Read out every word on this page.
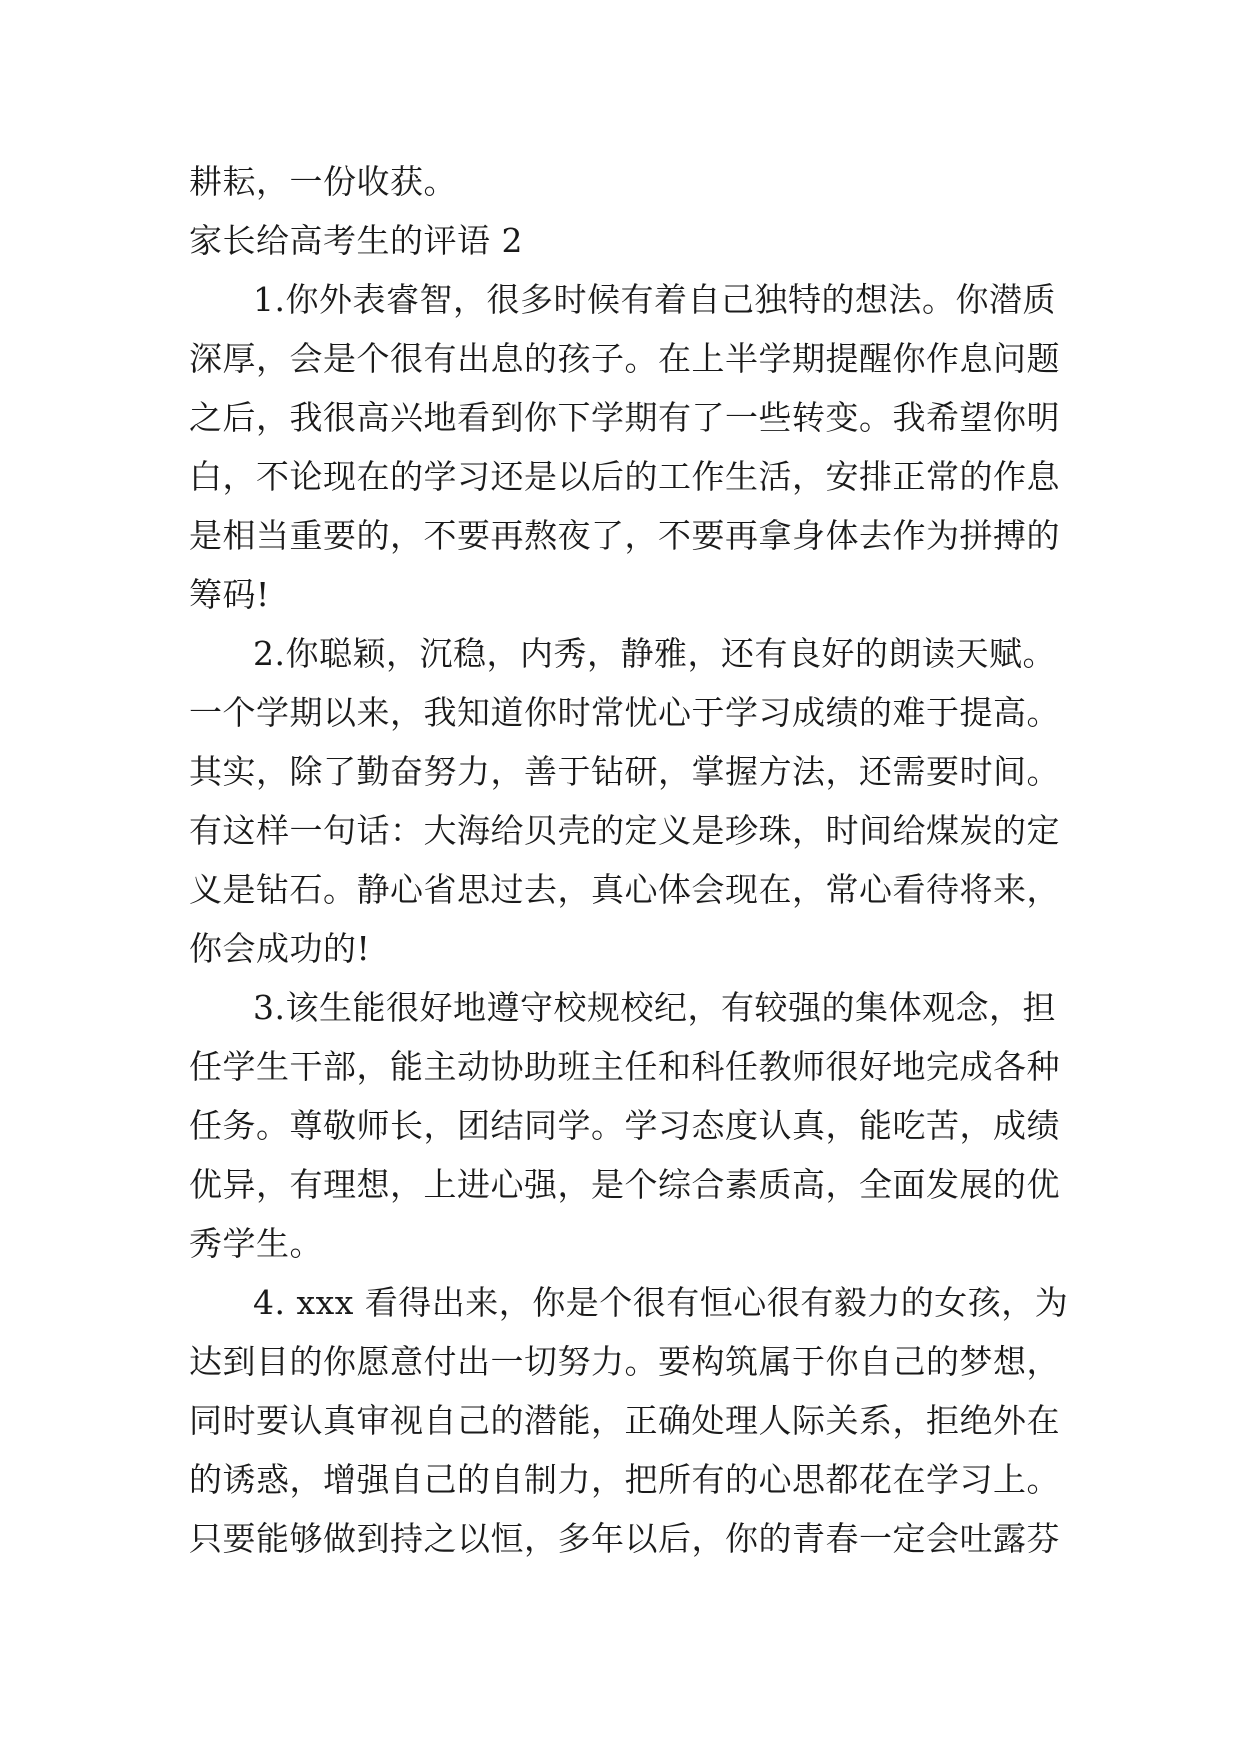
耕耘，一份收获。
家长给高考生的评语 2
1.你外表睿智，很多时候有着自己独特的想法。你潜质
深厚，会是个很有出息的孩子。在上半学期提醒你作息问题
之后，我很高兴地看到你下学期有了一些转变。我希望你明
白，不论现在的学习还是以后的工作生活，安排正常的作息
是相当重要的，不要再熬夜了，不要再拿身体去作为拼搏的
筹码!
2.你聪颖，沉稳，内秀，静雅，还有良好的朗读天赋。
一个学期以来，我知道你时常忧心于学习成绩的难于提高。
其实，除了勤奋努力，善于钻研，掌握方法，还需要时间。
有这样一句话：大海给贝壳的定义是珍珠，时间给煤炭的定
义是钻石。静心省思过去，真心体会现在，常心看待将来，
你会成功的!
3.该生能很好地遵守校规校纪，有较强的集体观念，担
任学生干部，能主动协助班主任和科任教师很好地完成各种
任务。尊敬师长，团结同学。学习态度认真，能吃苦，成绩
优异，有理想，上进心强，是个综合素质高，全面发展的优
秀学生。
4. xxx 看得出来，你是个很有恒心很有毅力的女孩，为
达到目的你愿意付出一切努力。要构筑属于你自己的梦想，
同时要认真审视自己的潜能，正确处理人际关系，拒绝外在
的诱惑，增强自己的自制力，把所有的心思都花在学习上。
只要能够做到持之以恒，多年以后，你的青春一定会吐露芬
